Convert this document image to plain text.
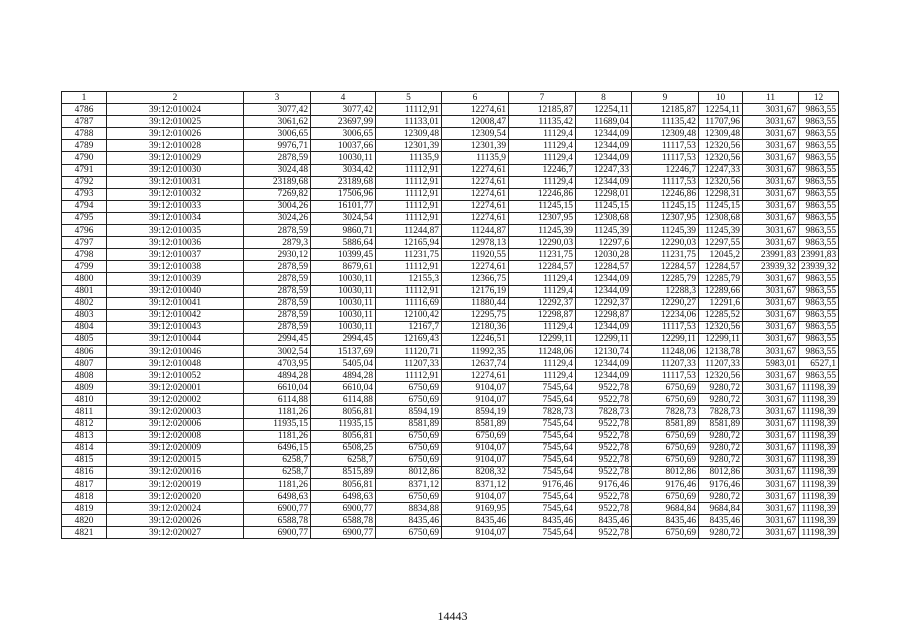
1	2	3	4	5	6	7	8	9	10	11	12
4786	39:12:010024	3077,42	3077,42	11112,91	12274,61	12185,87	12254,11	12185,87	12254,11	3031,67	9863,55
4787	39:12:010025	3061,62	23697,99	11133,01	12008,47	11135,42	11689,04	11135,42	11707,96	3031,67	9863,55
4788	39:12:010026	3006,65	3006,65	12309,48	12309,54	11129,4	12344,09	12309,48	12309,48	3031,67	9863,55
4789	39:12:010028	9976,71	10037,66	12301,39	12301,39	11129,4	12344,09	11117,53	12320,56	3031,67	9863,55
4790	39:12:010029	2878,59	10030,11	11135,9	11135,9	11129,4	12344,09	11117,53	12320,56	3031,67	9863,55
4791	39:12:010030	3024,48	3034,42	11112,91	12274,61	12246,7	12247,33	12246,7	12247,33	3031,67	9863,55
4792	39:12:010031	23189,68	23189,68	11112,91	12274,61	11129,4	12344,09	11117,53	12320,56	3031,67	9863,55
4793	39:12:010032	7269,82	17506,96	11112,91	12274,61	12246,86	12298,01	12246,86	12298,31	3031,67	9863,55
4794	39:12:010033	3004,26	16101,77	11112,91	12274,61	11245,15	11245,15	11245,15	11245,15	3031,67	9863,55
4795	39:12:010034	3024,26	3024,54	11112,91	12274,61	12307,95	12308,68	12307,95	12308,68	3031,67	9863,55
4796	39:12:010035	2878,59	9860,71	11244,87	11244,87	11245,39	11245,39	11245,39	11245,39	3031,67	9863,55
4797	39:12:010036	2879,3	5886,64	12165,94	12978,13	12290,03	12297,6	12290,03	12297,55	3031,67	9863,55
4798	39:12:010037	2930,12	10399,45	11231,75	11920,55	11231,75	12030,28	11231,75	12045,2	23991,83	23991,83
4799	39:12:010038	2878,59	8679,61	11112,91	12274,61	12284,57	12284,57	12284,57	12284,57	23939,32	23939,32
4800	39:12:010039	2878,59	10030,11	12155,3	12366,75	11129,4	12344,09	12285,79	12285,79	3031,67	9863,55
4801	39:12:010040	2878,59	10030,11	11112,91	12176,19	11129,4	12344,09	12288,3	12289,66	3031,67	9863,55
4802	39:12:010041	2878,59	10030,11	11116,69	11880,44	12292,37	12292,37	12290,27	12291,6	3031,67	9863,55
4803	39:12:010042	2878,59	10030,11	12100,42	12295,75	12298,87	12298,87	12234,06	12285,52	3031,67	9863,55
4804	39:12:010043	2878,59	10030,11	12167,7	12180,36	11129,4	12344,09	11117,53	12320,56	3031,67	9863,55
4805	39:12:010044	2994,45	2994,45	12169,43	12246,51	12299,11	12299,11	12299,11	12299,11	3031,67	9863,55
4806	39:12:010046	3002,54	15137,69	11120,71	11992,35	11248,06	12130,74	11248,06	12138,78	3031,67	9863,55
4807	39:12:010048	4703,95	5405,04	11207,33	12637,74	11129,4	12344,09	11207,33	11207,33	5983,01	6527,1
4808	39:12:010052	4894,28	4894,28	11112,91	12274,61	11129,4	12344,09	11117,53	12320,56	3031,67	9863,55
4809	39:12:020001	6610,04	6610,04	6750,69	9104,07	7545,64	9522,78	6750,69	9280,72	3031,67	11198,39
4810	39:12:020002	6114,88	6114,88	6750,69	9104,07	7545,64	9522,78	6750,69	9280,72	3031,67	11198,39
4811	39:12:020003	1181,26	8056,81	8594,19	8594,19	7828,73	7828,73	7828,73	7828,73	3031,67	11198,39
4812	39:12:020006	11935,15	11935,15	8581,89	8581,89	7545,64	9522,78	8581,89	8581,89	3031,67	11198,39
4813	39:12:020008	1181,26	8056,81	6750,69	6750,69	7545,64	9522,78	6750,69	9280,72	3031,67	11198,39
4814	39:12:020009	6496,15	6508,25	6750,69	9104,07	7545,64	9522,78	6750,69	9280,72	3031,67	11198,39
4815	39:12:020015	6258,7	6258,7	6750,69	9104,07	7545,64	9522,78	6750,69	9280,72	3031,67	11198,39
4816	39:12:020016	6258,7	8515,89	8012,86	8208,32	7545,64	9522,78	8012,86	8012,86	3031,67	11198,39
4817	39:12:020019	1181,26	8056,81	8371,12	8371,12	9176,46	9176,46	9176,46	9176,46	3031,67	11198,39
4818	39:12:020020	6498,63	6498,63	6750,69	9104,07	7545,64	9522,78	6750,69	9280,72	3031,67	11198,39
4819	39:12:020024	6900,77	6900,77	8834,88	9169,95	7545,64	9522,78	9684,84	9684,84	3031,67	11198,39
4820	39:12:020026	6588,78	6588,78	8435,46	8435,46	8435,46	8435,46	8435,46	8435,46	3031,67	11198,39
4821	39:12:020027	6900,77	6900,77	6750,69	9104,07	7545,64	9522,78	6750,69	9280,72	3031,67	11198,39
14443
